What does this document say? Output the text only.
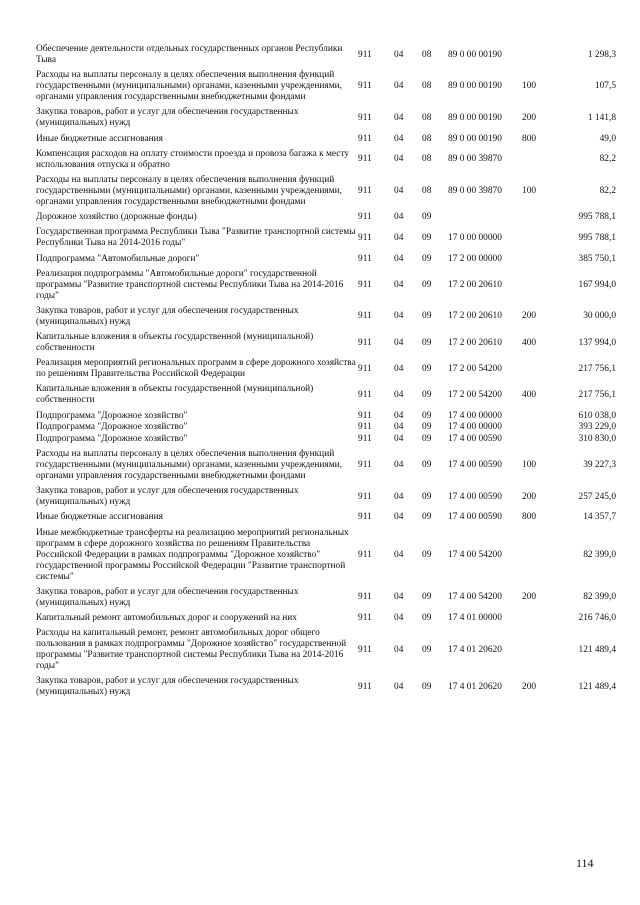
Обеспечение деятельности отдельных государственных органов Республики Тыва	911	04	08	89 0 00 00190		1 298,3
Расходы на выплаты персоналу в целях обеспечения выполнения функций государственными (муниципальными) органами, казенными учреждениями, органами управления государственными внебюджетными фондами	911	04	08	89 0 00 00190	100	107,5
Закупка товаров, работ и услуг для обеспечения государственных (муниципальных) нужд	911	04	08	89 0 00 00190	200	1 141,8
Иные бюджетные ассигнования	911	04	08	89 0 00 00190	800	49,0
Компенсация расходов на оплату стоимости проезда и провоза багажа к месту использования отпуска и обратно	911	04	08	89 0 00 39870		82,2
Расходы на выплаты персоналу в целях обеспечения выполнения функций государственными (муниципальными) органами, казенными учреждениями, органами управления государственными внебюджетными фондами	911	04	08	89 0 00 39870	100	82,2
Дорожное хозяйство (дорожные фонды)	911	04	09			995 788,1
Государственная программа Республики Тыва "Развитие транспортной системы Республики Тыва на 2014-2016 годы"	911	04	09	17 0 00 00000		995 788,1
Подпрограмма "Автомобильные дороги"	911	04	09	17 2 00 00000		385 750,1
Реализация подпрограммы "Автомобильные дороги" государственной программы "Развитие транспортной системы Республики Тыва на 2014-2016 годы"	911	04	09	17 2 00 20610		167 994,0
Закупка товаров, работ и услуг для обеспечения государственных (муниципальных) нужд	911	04	09	17 2 00 20610	200	30 000,0
Капитальные вложения в объекты государственной (муниципальной) собственности	911	04	09	17 2 00 20610	400	137 994,0
Реализация мероприятий региональных программ в сфере дорожного хозяйства по решениям Правительства Российской Федерации	911	04	09	17 2 00 54200		217 756,1
Капитальные вложения в объекты государственной (муниципальной) собственности	911	04	09	17 2 00 54200	400	217 756,1
Подпрограмма "Дорожное хозяйство"	911	04	09	17 4 00 00000		610 038,0
Подпрограмма "Дорожное хозяйство"	911	04	09	17 4 00 00000		393 229,0
Подпрограмма "Дорожное хозяйство"	911	04	09	17 4 00 00590		310 830,0
Расходы на выплаты персоналу в целях обеспечения выполнения функций государственными (муниципальными) органами, казенными учреждениями, органами управления государственными внебюджетными фондами	911	04	09	17 4 00 00590	100	39 227,3
Закупка товаров, работ и услуг для обеспечения государственных (муниципальных) нужд	911	04	09	17 4 00 00590	200	257 245,0
Иные бюджетные ассигнования	911	04	09	17 4 00 00590	800	14 357,7
Иные межбюджетные трансферты на реализацию мероприятий региональных программ в сфере дорожного хозяйства по решениям Правительства Российской Федерации в рамках подпрограммы "Дорожное хозяйство" государственной программы Российской Федерации "Развитие транспортной системы"	911	04	09	17 4 00 54200		82 399,0
Закупка товаров, работ и услуг для обеспечения государственных (муниципальных) нужд	911	04	09	17 4 00 54200	200	82 399,0
Капитальный ремонт автомобильных дорог и сооружений на них	911	04	09	17 4 01 00000		216 746,0
Расходы на капитальный ремонт, ремонт автомобильных дорог общего пользования в рамках подпрограммы "Дорожное хозяйство" государственной программы "Развитие транспортной системы Республики Тыва на 2014-2016 годы"	911	04	09	17 4 01 20620		121 489,4
Закупка товаров, работ и услуг для обеспечения государственных (муниципальных) нужд	911	04	09	17 4 01 20620	200	121 489,4
114
